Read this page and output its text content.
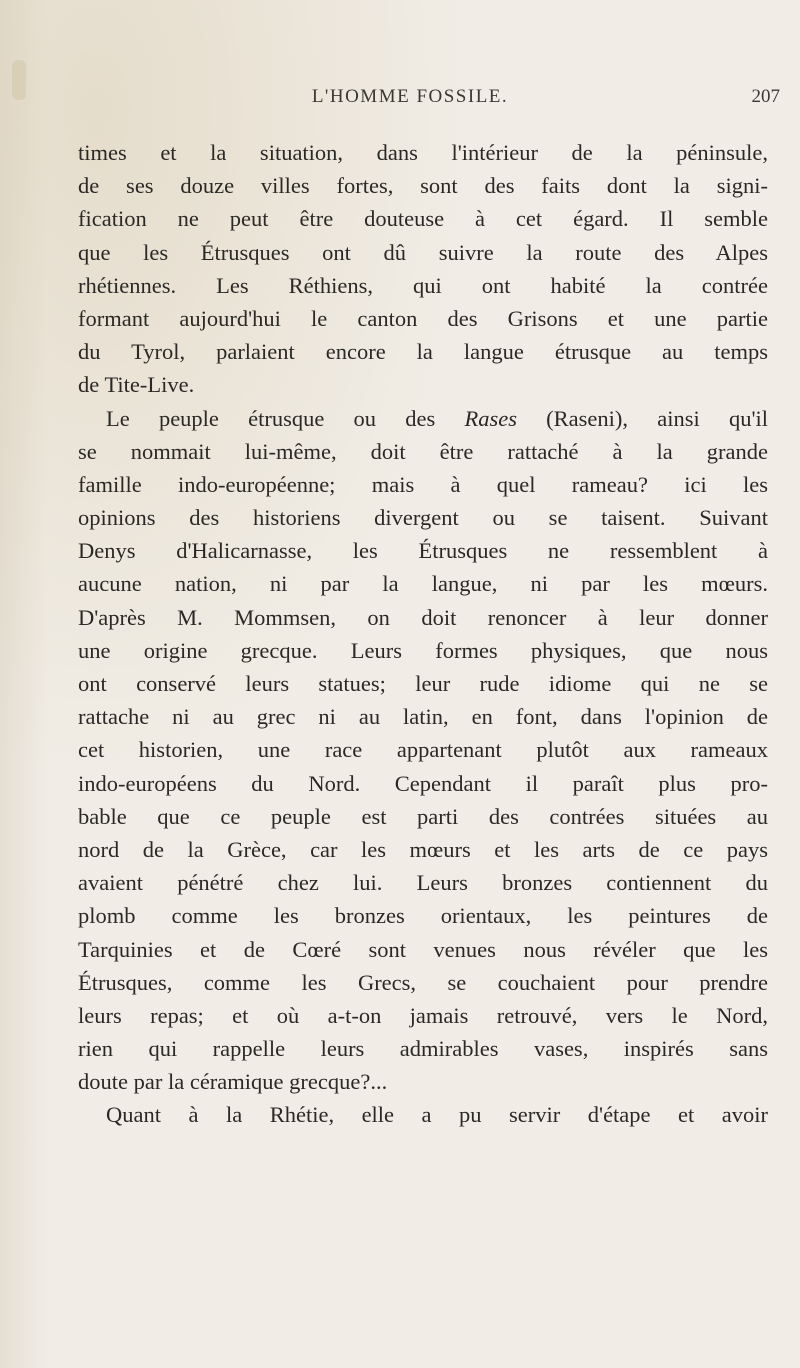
L'HOMME FOSSILE.	207
times et la situation, dans l'intérieur de la péninsule,
de ses douze villes fortes, sont des faits dont la signi-
fication ne peut être douteuse à cet égard. Il semble
que les Étrusques ont dû suivre la route des Alpes
rhétiennes. Les Réthiens, qui ont habité la contrée
formant aujourd'hui le canton des Grisons et une partie
du Tyrol, parlaient encore la langue étrusque au temps
de Tite-Live.
Le peuple étrusque ou des Rases (Raseni), ainsi qu'il
se nommait lui-même, doit être rattaché à la grande
famille indo-européenne; mais à quel rameau? ici les
opinions des historiens divergent ou se taisent. Suivant
Denys d'Halicarnasse, les Étrusques ne ressemblent à
aucune nation, ni par la langue, ni par les mœurs.
D'après M. Mommsen, on doit renoncer à leur donner
une origine grecque. Leurs formes physiques, que nous
ont conservé leurs statues; leur rude idiome qui ne se
rattache ni au grec ni au latin, en font, dans l'opinion de
cet historien, une race appartenant plutôt aux rameaux
indo-européens du Nord. Cependant il paraît plus pro-
bable que ce peuple est parti des contrées situées au
nord de la Grèce, car les mœurs et les arts de ce pays
avaient pénétré chez lui. Leurs bronzes contiennent du
plomb comme les bronzes orientaux, les peintures de
Tarquinies et de Cœré sont venues nous révéler que les
Étrusques, comme les Grecs, se couchaient pour prendre
leurs repas; et où a-t-on jamais retrouvé, vers le Nord,
rien qui rappelle leurs admirables vases, inspirés sans
doute par la céramique grecque?...
Quant à la Rhétie, elle a pu servir d'étape et avoir
